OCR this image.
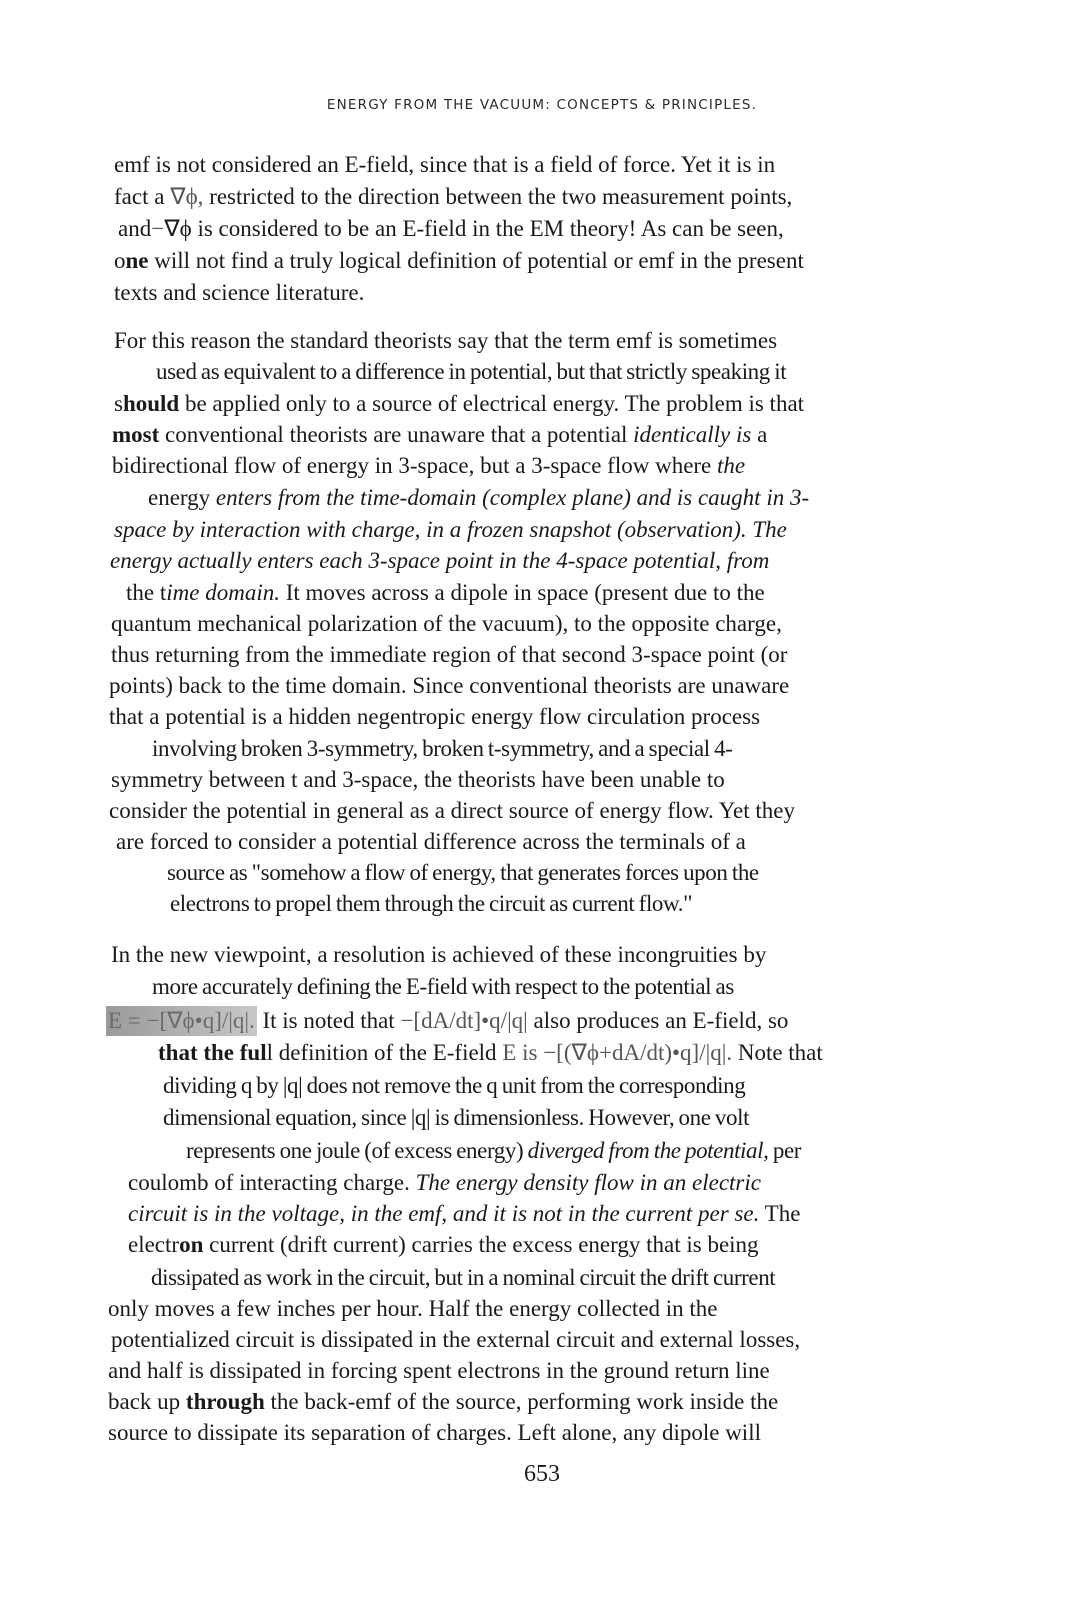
ENERGY FROM THE VACUUM: CONCEPTS & PRINCIPLES.
emf is not considered an E-field, since that is a field of force. Yet it is in
fact a ∇ϕ, restricted to the direction between the two measurement points,
and−∇ϕ is considered to be an E-field in the EM theory! As can be seen,
one will not find a truly logical definition of potential or emf in the present
texts and science literature.
For this reason the standard theorists say that the term emf is sometimes
used as equivalent to a difference in potential, but that strictly speaking it
should be applied only to a source of electrical energy. The problem is that
most conventional theorists are unaware that a potential identically is a
bidirectional flow of energy in 3-space, but a 3-space flow where the
energy enters from the time-domain (complex plane) and is caught in 3-
space by interaction with charge, in a frozen snapshot (observation). The
energy actually enters each 3-space point in the 4-space potential, from
the time domain. It moves across a dipole in space (present due to the
quantum mechanical polarization of the vacuum), to the opposite charge,
thus returning from the immediate region of that second 3-space point (or
points) back to the time domain. Since conventional theorists are unaware
that a potential is a hidden negentropic energy flow circulation process
involving broken 3-symmetry, broken t-symmetry, and a special 4-
symmetry between t and 3-space, the theorists have been unable to
consider the potential in general as a direct source of energy flow. Yet they
are forced to consider a potential difference across the terminals of a
source as "somehow a flow of energy, that generates forces upon the
electrons to propel them through the circuit as current flow."
In the new viewpoint, a resolution is achieved of these incongruities by
more accurately defining the E-field with respect to the potential as
E = −[∇ϕ•q]/|q|. It is noted that −[dA/dt]•q/|q| also produces an E-field, so
that the full definition of the E-field E is −[(∇ϕ+dA/dt)•q]/|q|. Note that
dividing q by |q| does not remove the q unit from the corresponding
dimensional equation, since |q| is dimensionless. However, one volt
represents one joule (of excess energy) diverged from the potential, per
coulomb of interacting charge. The energy density flow in an electric
circuit is in the voltage, in the emf, and it is not in the current per se. The
electron current (drift current) carries the excess energy that is being
dissipated as work in the circuit, but in a nominal circuit the drift current
only moves a few inches per hour. Half the energy collected in the
potentialized circuit is dissipated in the external circuit and external losses,
and half is dissipated in forcing spent electrons in the ground return line
back up through the back-emf of the source, performing work inside the
source to dissipate its separation of charges. Left alone, any dipole will
653
